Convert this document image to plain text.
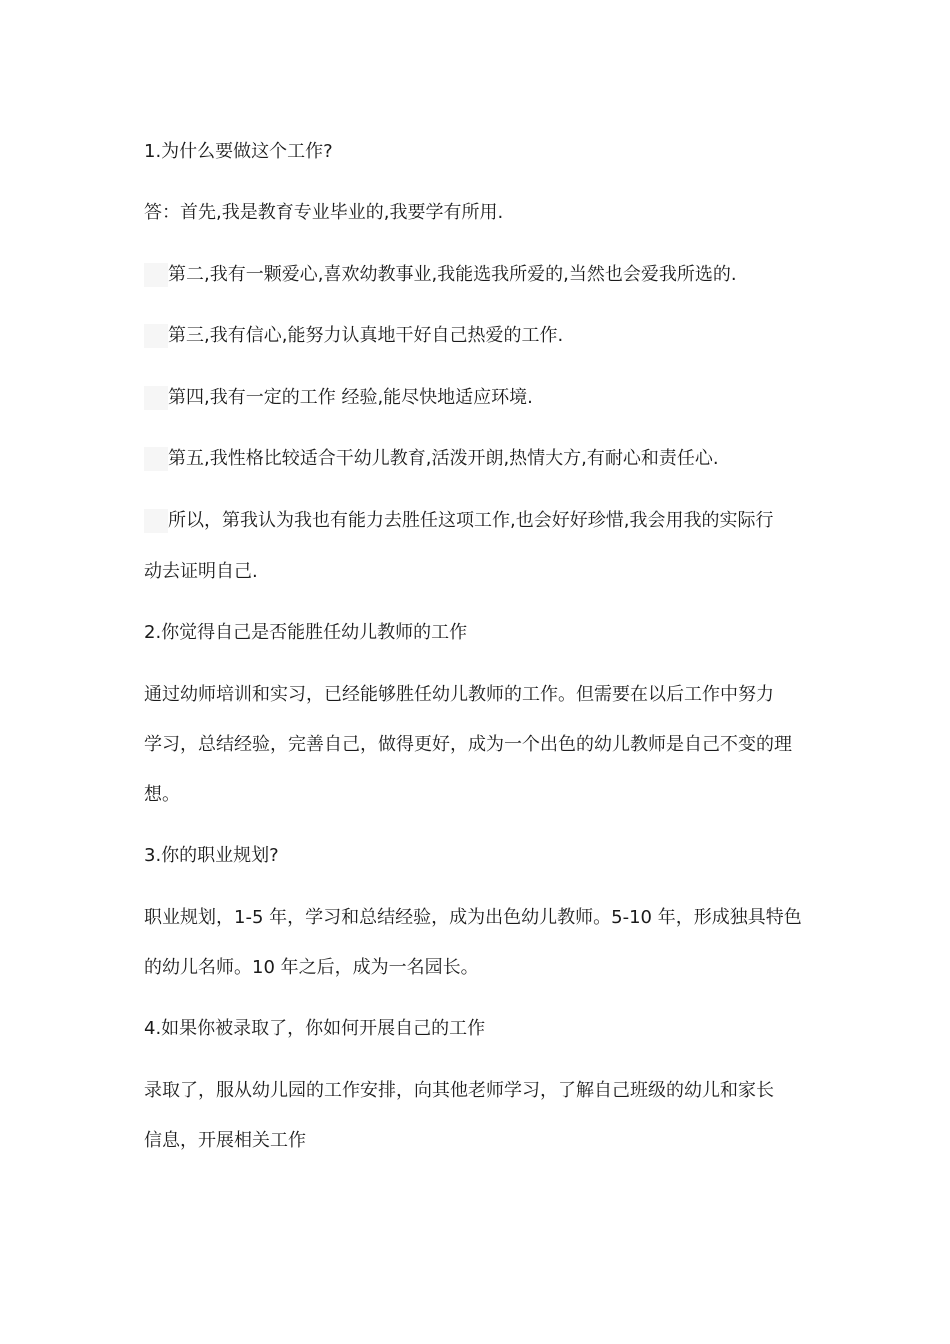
1.为什么要做这个工作?
答：首先,我是教育专业毕业的,我要学有所用.
第二,我有一颗爱心,喜欢幼教事业,我能选我所爱的,当然也会爱我所选的.
第三,我有信心,能努力认真地干好自己热爱的工作.
第四,我有一定的工作 经验,能尽快地适应环境.
第五,我性格比较适合干幼儿教育,活泼开朗,热情大方,有耐心和责任心.
所以，第我认为我也有能力去胜任这项工作,也会好好珍惜,我会用我的实际行
动去证明自己.
2.你觉得自己是否能胜任幼儿教师的工作
通过幼师培训和实习，已经能够胜任幼儿教师的工作。但需要在以后工作中努力
学习，总结经验，完善自己，做得更好，成为一个出色的幼儿教师是自己不变的理
想。
3.你的职业规划?
职业规划，1-5 年，学习和总结经验，成为出色幼儿教师。5-10 年，形成独具特色
的幼儿名师。10 年之后，成为一名园长。
4.如果你被录取了，你如何开展自己的工作
录取了，服从幼儿园的工作安排，向其他老师学习，了解自己班级的幼儿和家长
信息，开展相关工作
